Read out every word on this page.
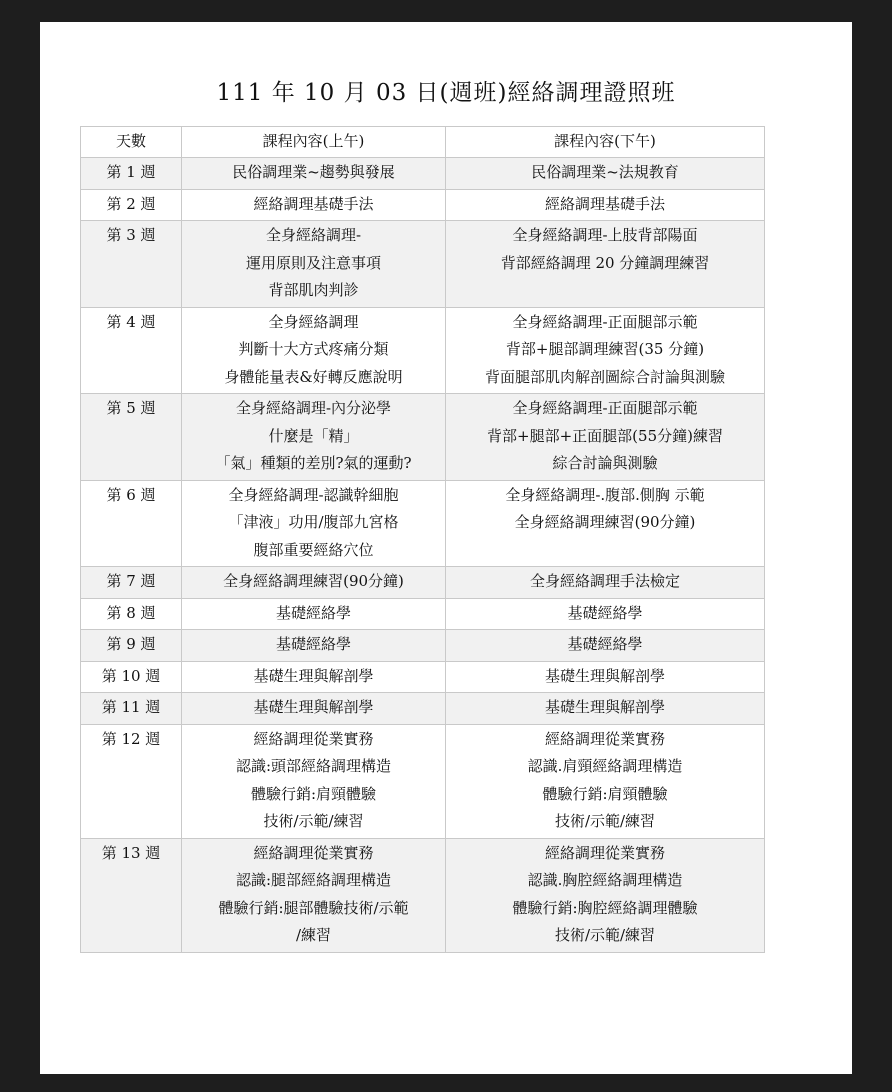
111 年 10 月 03 日(週班)經絡調理證照班
天數	課程內容(上午)	課程內容(下午)

第 1 週	民俗調理業~趨勢與發展	民俗調理業~法規教育

第 2 週	經絡調理基礎手法	經絡調理基礎手法

第 3 週	全身經絡調理-
運用原則及注意事項
背部肌肉判診	全身經絡調理-上肢背部陽面
背部經絡調理 20 分鐘調理練習

第 4 週	全身經絡調理
判斷十大方式疼痛分類
身體能量表&好轉反應說明	全身經絡調理-正面腿部示範
背部+腿部調理練習(35 分鐘)
背面腿部肌肉解剖圖綜合討論與測驗

第 5 週	全身經絡調理-內分泌學
什麼是「精」
「氣」種類的差別?氣的運動?	全身經絡調理-正面腿部示範
背部+腿部+正面腿部(55分鐘)練習
綜合討論與測驗

第 6 週	全身經絡調理-認識幹細胞
「津液」功用/腹部九宮格
腹部重要經絡穴位	全身經絡調理-.腹部.側胸 示範
全身經絡調理練習(90分鐘)

第 7 週	全身經絡調理練習(90分鐘)	全身經絡調理手法檢定

第 8 週	基礎經絡學	基礎經絡學

第 9 週	基礎經絡學	基礎經絡學

第 10 週	基礎生理與解剖學	基礎生理與解剖學

第 11 週	基礎生理與解剖學	基礎生理與解剖學

第 12 週	經絡調理從業實務
認識:頭部經絡調理構造
體驗行銷:肩頸體驗
技術/示範/練習	經絡調理從業實務
認識.肩頸經絡調理構造
體驗行銷:肩頸體驗
技術/示範/練習

第 13 週	經絡調理從業實務
認識:腿部經絡調理構造
體驗行銷:腿部體驗技術/示範
/練習	經絡調理從業實務
認識.胸腔經絡調理構造
體驗行銷:胸腔經絡調理體驗
技術/示範/練習
